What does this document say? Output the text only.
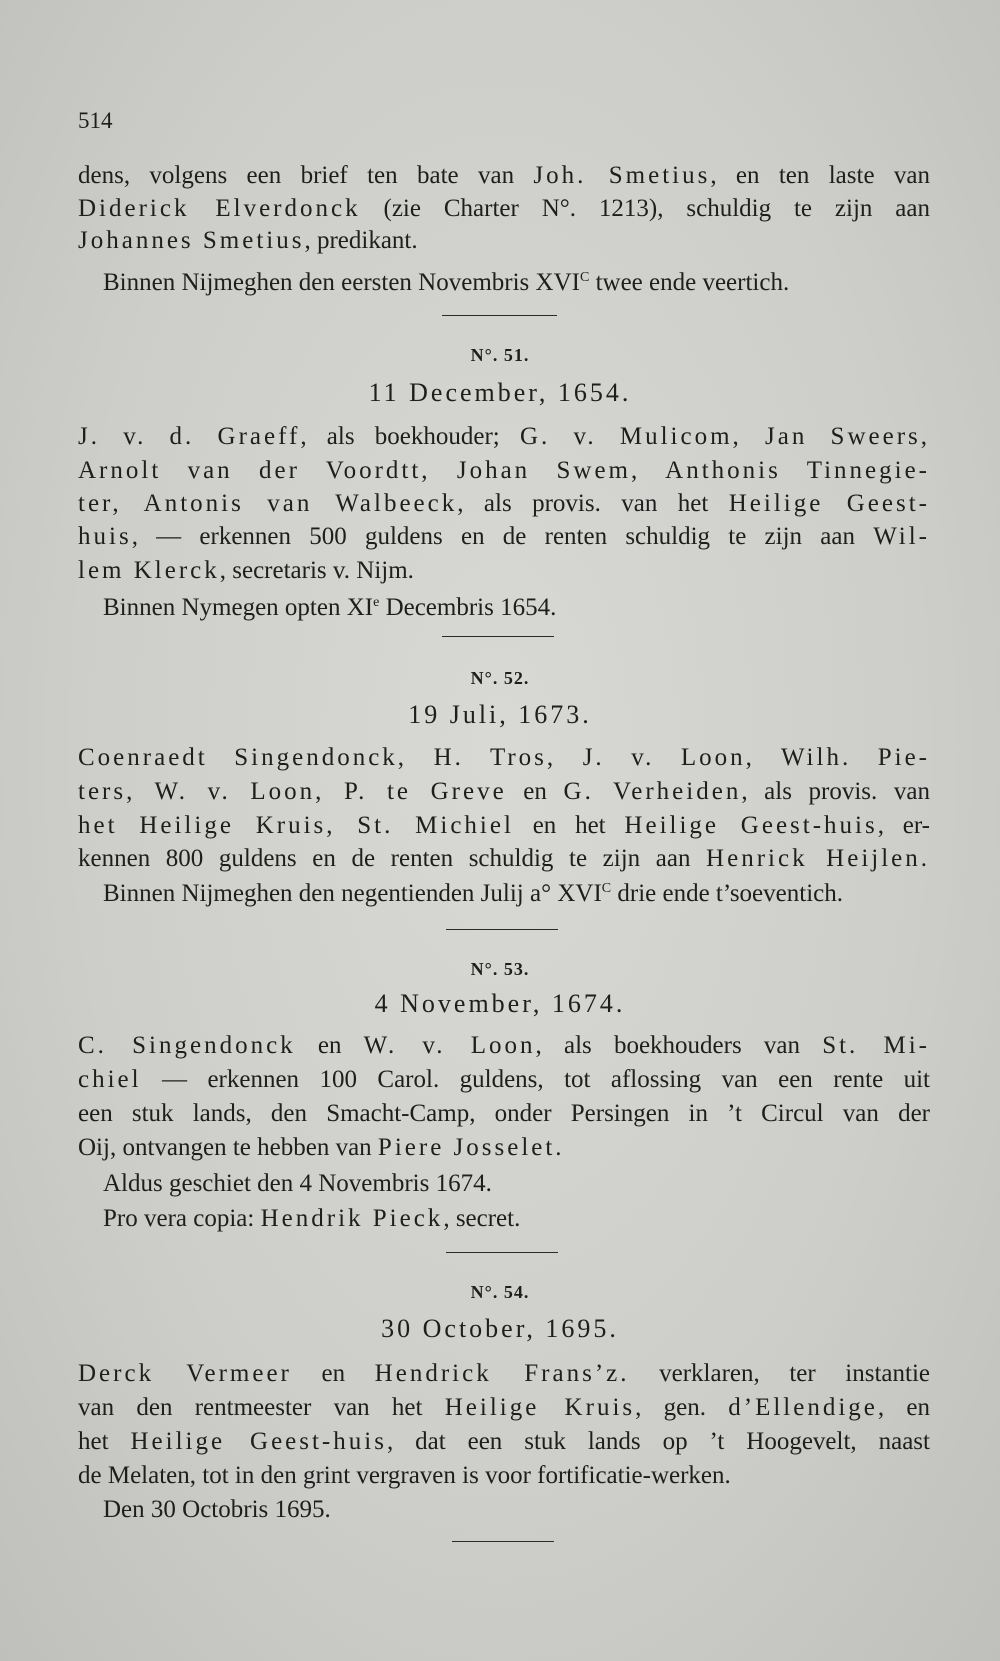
514
dens, volgens een brief ten bate van Joh. Smetius, en ten laste van
Diderick Elverdonck (zie Charter N°. 1213), schuldig te zijn aan
Johannes Smetius, predikant.
Binnen Nijmeghen den eersten Novembris $XVI^C$ twee ende veertich.
N°. 51.
11 December, 1654.
J. v. d. Graeff, als boekhouder; G. v. Mulicom, Jan Sweers,
Arnolt van der Voordtt, Johan Swem, Anthonis Tinnegie-
ter, Antonis van Walbeeck, als provis. van het Heilige Geest-
huis, — erkennen 500 guldens en de renten schuldig te zijn aan Wil-
lem Klerck, secretaris v. Nijm.
Binnen Nymegen opten XIe Decembris 1654.
N°. 52.
19 Juli, 1673.
Coenraedt Singendonck, H. Tros, J. v. Loon, Wilh. Pie-
ters, W. v. Loon, P. te Greve en G. Verheiden, als provis. van
het Heilige Kruis, St. Michiel en het Heilige Geest-huis, er-
kennen 800 guldens en de renten schuldig te zijn aan Henrick Heijlen.
Binnen Nijmeghen den negentienden Julij a° $XVI^C$ drie ende t’soeventich.
N°. 53.
4 November, 1674.
C. Singendonck en W. v. Loon, als boekhouders van St. Mi-
chiel — erkennen 100 Carol. guldens, tot aflossing van een rente uit
een stuk lands, den Smacht-Camp, onder Persingen in ’t Circul van der
Oij, ontvangen te hebben van Piere Josselet.
Aldus geschiet den 4 Novembris 1674.
Pro vera copia: Hendrik Pieck, secret.
N°. 54.
30 October, 1695.
Derck Vermeer en Hendrick Frans’z. verklaren, ter instantie
van den rentmeester van het Heilige Kruis, gen. d’Ellendige, en
het Heilige Geest-huis, dat een stuk lands op ’t Hoogevelt, naast
de Melaten, tot in den grint vergraven is voor fortificatie-werken.
Den 30 Octobris 1695.
